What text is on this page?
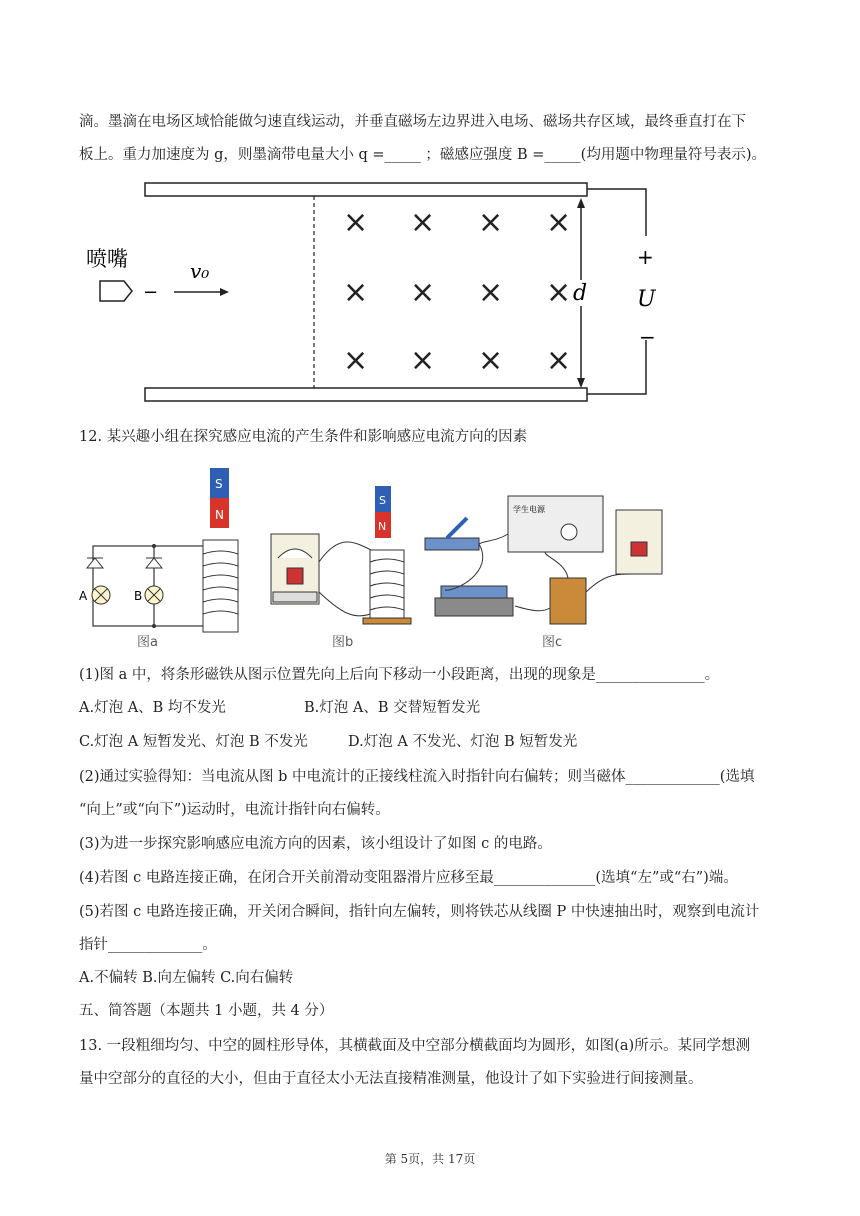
滴。墨滴在电场区域恰能做匀速直线运动，并垂直磁场左边界进入电场、磁场共存区域，最终垂直打在下
板上。重力加速度为 g，则墨滴带电量大小 q =_____ ；磁感应强度 B =_____(均用题中物理量符号表示)。
d
+
U
−
× × × ×
× × × ×
× × × ×
喷嘴
−
v₀
12. 某兴趣小组在探究感应电流的产生条件和影响感应电流方向的因素
A	B
S
N
图a
S
N
图b
学生电源
图c
(1)图 a 中，将条形磁铁从图示位置先向上后向下移动一小段距离，出现的现象是_______________。
A.灯泡 A、B 均不发光	B.灯泡 A、B 交替短暂发光
C.灯泡 A 短暂发光、灯泡 B 不发光	D.灯泡 A 不发光、灯泡 B 短暂发光
(2)通过实验得知：当电流从图 b 中电流计的正接线柱流入时指针向右偏转；则当磁体_____________(选填
“向上”或“向下”)运动时，电流计指针向右偏转。
(3)为进一步探究影响感应电流方向的因素，该小组设计了如图 c 的电路。
(4)若图 c 电路连接正确，在闭合开关前滑动变阻器滑片应移至最______________(选填“左”或“右”)端。
(5)若图 c 电路连接正确，开关闭合瞬间，指针向左偏转，则将铁芯从线圈 P 中快速抽出时，观察到电流计
指针_____________。
A.不偏转 B.向左偏转 C.向右偏转
五、简答题（本题共 1 小题，共 4 分）
13. 一段粗细均匀、中空的圆柱形导体，其横截面及中空部分横截面均为圆形，如图(a)所示。某同学想测
量中空部分的直径的大小，但由于直径太小无法直接精准测量，他设计了如下实验进行间接测量。
第 5页，共 17页
